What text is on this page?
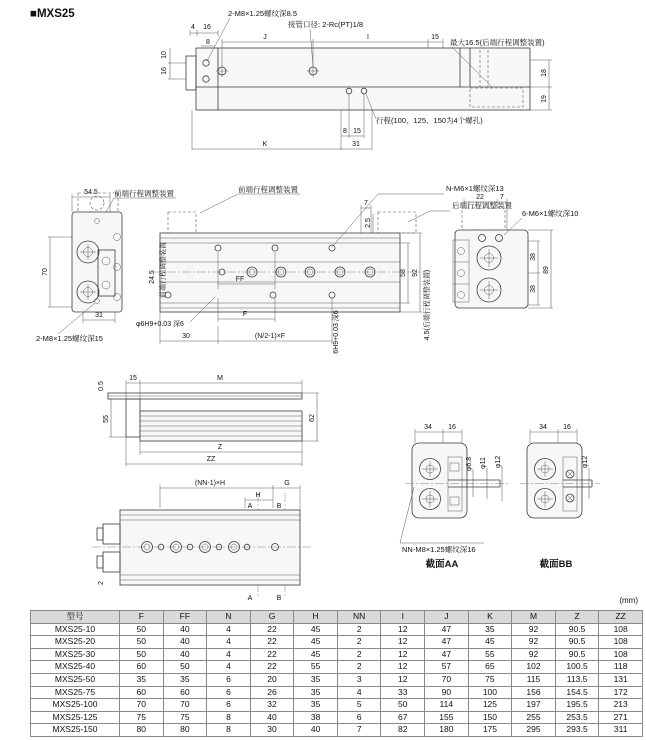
■MXS25
4 16
8
10
16
J	I	15
2-M8×1.25螺纹深8.5
接管口径: 2-Rc(PT)1/8
最大16.5(后端行程调整装置)
18
19
8 15
K	31
行程(100、125、150为4个螺孔)
54.5 前端行程调整装置
70
31
2-M8×1.25螺纹深15
前端行程调整装置
7
2.5
N-M6×1螺纹深13
后端行程调整装置
FF
F
30	(N/2-1)×F
φ6H9+0.03 深6	6H9+0.03 深6
58 92
24.5 前端行程调整装置	4.5(后端行程调整装置)
22 7
6-M6×1螺纹深10
38
38
89
0.5
15	M
55	62
Z
ZZ
(NN-1)×H	G
H
A	B
2
A	B
34 16
φ6.8 φ11 φ12
NN-M8×1.25螺纹深16
截面AA
34 16
φ12
截面BB
(mm)
型号	F	FF	N	G	H	NN	I	J	K	M	Z	ZZ
MXS25-10	50	40	4	22	45	2	12	47	35	92	90.5	108
MXS25-20	50	40	4	22	45	2	12	47	45	92	90.5	108
MXS25-30	50	40	4	22	45	2	12	47	55	92	90.5	108
MXS25-40	60	50	4	22	55	2	12	57	65	102	100.5	118
MXS25-50	35	35	6	20	35	3	12	70	75	115	113.5	131
MXS25-75	60	60	6	26	35	4	33	90	100	156	154.5	172
MXS25-100	70	70	6	32	35	5	50	114	125	197	195.5	213
MXS25-125	75	75	8	40	38	6	67	155	150	255	253.5	271
MXS25-150	80	80	8	30	40	7	82	180	175	295	293.5	311
